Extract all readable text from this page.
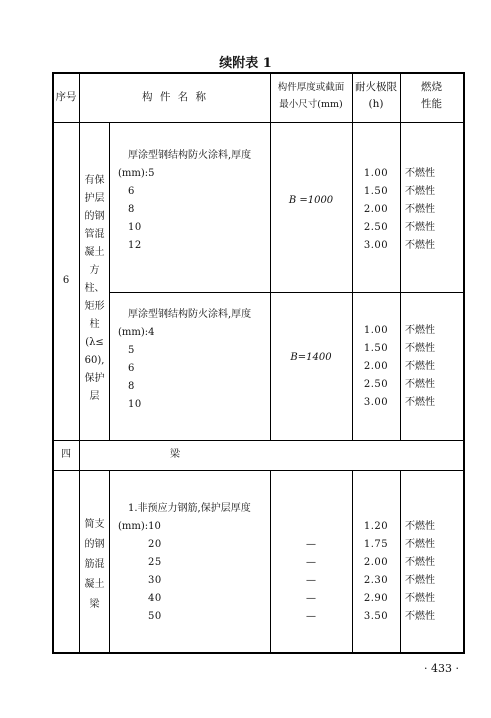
续附表 1
序号	构 件 名 称
构件厚度或截面
最小尺寸(mm)
耐火极限
(h)
燃烧
性能
6
有保
护层
的钢
管混
凝土
方柱、
矩形
柱
(λ≤
60),
保护
层
厚涂型钢结构防火涂料,厚度
(mm):5
6
8
10
12
B =1000
1.00
1.50
2.00
2.50
3.00
不燃性
不燃性
不燃性
不燃性
不燃性
厚涂型钢结构防火涂料,厚度
(mm):4
5
6
8
10
B=1400
1.00
1.50
2.00
2.50
3.00
不燃性
不燃性
不燃性
不燃性
不燃性
四	梁
简支
的钢
筋混
凝土
梁
1.非预应力钢筋,保护层厚度
(mm):10
20
25
30
40
50
—
—
—
—
—
1.20
1.75
2.00
2.30
2.90
3.50
不燃性
不燃性
不燃性
不燃性
不燃性
不燃性
· 433 ·
